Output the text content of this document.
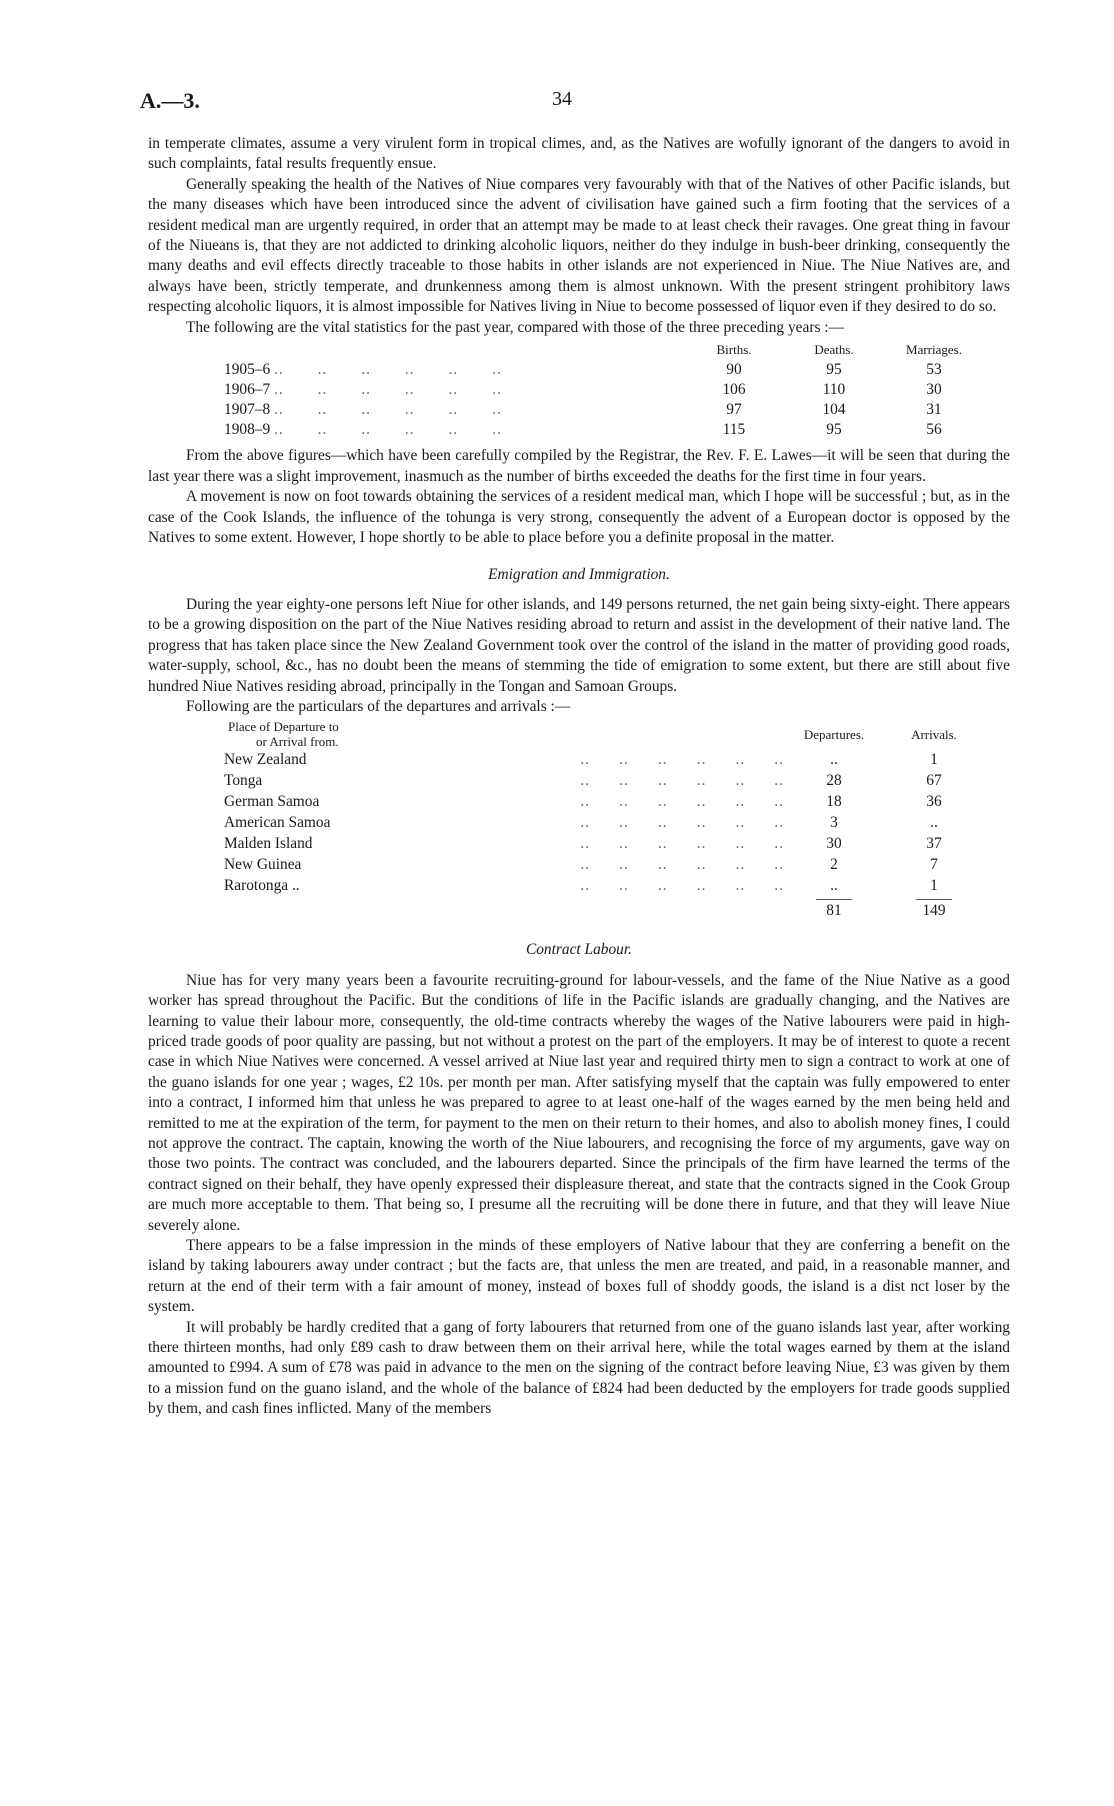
A.—3.	34

in temperate climates, assume a very virulent form in tropical climes, and, as the Natives are wofully ignorant of the dangers to avoid in such complaints, fatal results frequently ensue.

Generally speaking the health of the Natives of Niue compares very favourably with that of the Natives of other Pacific islands, but the many diseases which have been introduced since the advent of civilisation have gained such a firm footing that the services of a resident medical man are urgently required, in order that an attempt may be made to at least check their ravages. One great thing in favour of the Niueans is, that they are not addicted to drinking alcoholic liquors, neither do they indulge in bush-beer drinking, consequently the many deaths and evil effects directly traceable to those habits in other islands are not experienced in Niue. The Niue Natives are, and always have been, strictly temperate, and drunkenness among them is almost unknown. With the present stringent prohibitory laws respecting alcoholic liquors, it is almost impossible for Natives living in Niue to become possessed of liquor even if they desired to do so.

The following are the vital statistics for the past year, compared with those of the three preceding years :—

	Births.	Deaths.	Marriages.
1905–6 ..       ..       ..       ..       ..       ..	90	95	53
1906–7 ..       ..       ..       ..       ..       ..	106	110	30
1907–8 ..       ..       ..       ..       ..       ..	97	104	31
1908–9 ..       ..       ..       ..       ..       ..	115	95	56

From the above figures—which have been carefully compiled by the Registrar, the Rev. F. E. Lawes—it will be seen that during the last year there was a slight improvement, inasmuch as the number of births exceeded the deaths for the first time in four years.

A movement is now on foot towards obtaining the services of a resident medical man, which I hope will be successful ; but, as in the case of the Cook Islands, the influence of the tohunga is very strong, consequently the advent of a European doctor is opposed by the Natives to some extent. However, I hope shortly to be able to place before you a definite proposal in the matter.

Emigration and Immigration.

During the year eighty-one persons left Niue for other islands, and 149 persons returned, the net gain being sixty-eight. There appears to be a growing disposition on the part of the Niue Natives residing abroad to return and assist in the development of their native land. The progress that has taken place since the New Zealand Government took over the control of the island in the matter of providing good roads, water-supply, school, &c., has no doubt been the means of stemming the tide of emigration to some extent, but there are still about five hundred Niue Natives residing abroad, principally in the Tongan and Samoan Groups.

Following are the particulars of the departures and arrivals :—

Place of Departure to
or Arrival from.	Departures.	Arrivals.
New Zealand ..      ..      ..      ..      ..      ..	..	1
Tonga ..      ..      ..      ..      ..      ..	28	67
German Samoa ..      ..      ..      ..      ..      ..	18	36
American Samoa ..      ..      ..      ..      ..      ..	3	..
Malden Island ..      ..      ..      ..      ..      ..	30	37
New Guinea ..      ..      ..      ..      ..      ..	2	7
Rarotonga .. ..      ..      ..      ..      ..      ..	..	1

81	149
Contract Labour.

Niue has for very many years been a favourite recruiting-ground for labour-vessels, and the fame of the Niue Native as a good worker has spread throughout the Pacific. But the conditions of life in the Pacific islands are gradually changing, and the Natives are learning to value their labour more, consequently, the old-time contracts whereby the wages of the Native labourers were paid in high-priced trade goods of poor quality are passing, but not without a protest on the part of the employers. It may be of interest to quote a recent case in which Niue Natives were concerned. A vessel arrived at Niue last year and required thirty men to sign a contract to work at one of the guano islands for one year ; wages, £2 10s. per month per man. After satisfying myself that the captain was fully empowered to enter into a contract, I informed him that unless he was prepared to agree to at least one-half of the wages earned by the men being held and remitted to me at the expiration of the term, for payment to the men on their return to their homes, and also to abolish money fines, I could not approve the contract. The captain, knowing the worth of the Niue labourers, and recognising the force of my arguments, gave way on those two points. The contract was concluded, and the labourers departed. Since the principals of the firm have learned the terms of the contract signed on their behalf, they have openly expressed their displeasure thereat, and state that the contracts signed in the Cook Group are much more acceptable to them. That being so, I presume all the recruiting will be done there in future, and that they will leave Niue severely alone.

There appears to be a false impression in the minds of these employers of Native labour that they are conferring a benefit on the island by taking labourers away under contract ; but the facts are, that unless the men are treated, and paid, in a reasonable manner, and return at the end of their term with a fair amount of money, instead of boxes full of shoddy goods, the island is a dist nct loser by the system.

It will probably be hardly credited that a gang of forty labourers that returned from one of the guano islands last year, after working there thirteen months, had only £89 cash to draw between them on their arrival here, while the total wages earned by them at the island amounted to £994. A sum of £78 was paid in advance to the men on the signing of the contract before leaving Niue, £3 was given by them to a mission fund on the guano island, and the whole of the balance of £824 had been deducted by the employers for trade goods supplied by them, and cash fines inflicted. Many of the members
